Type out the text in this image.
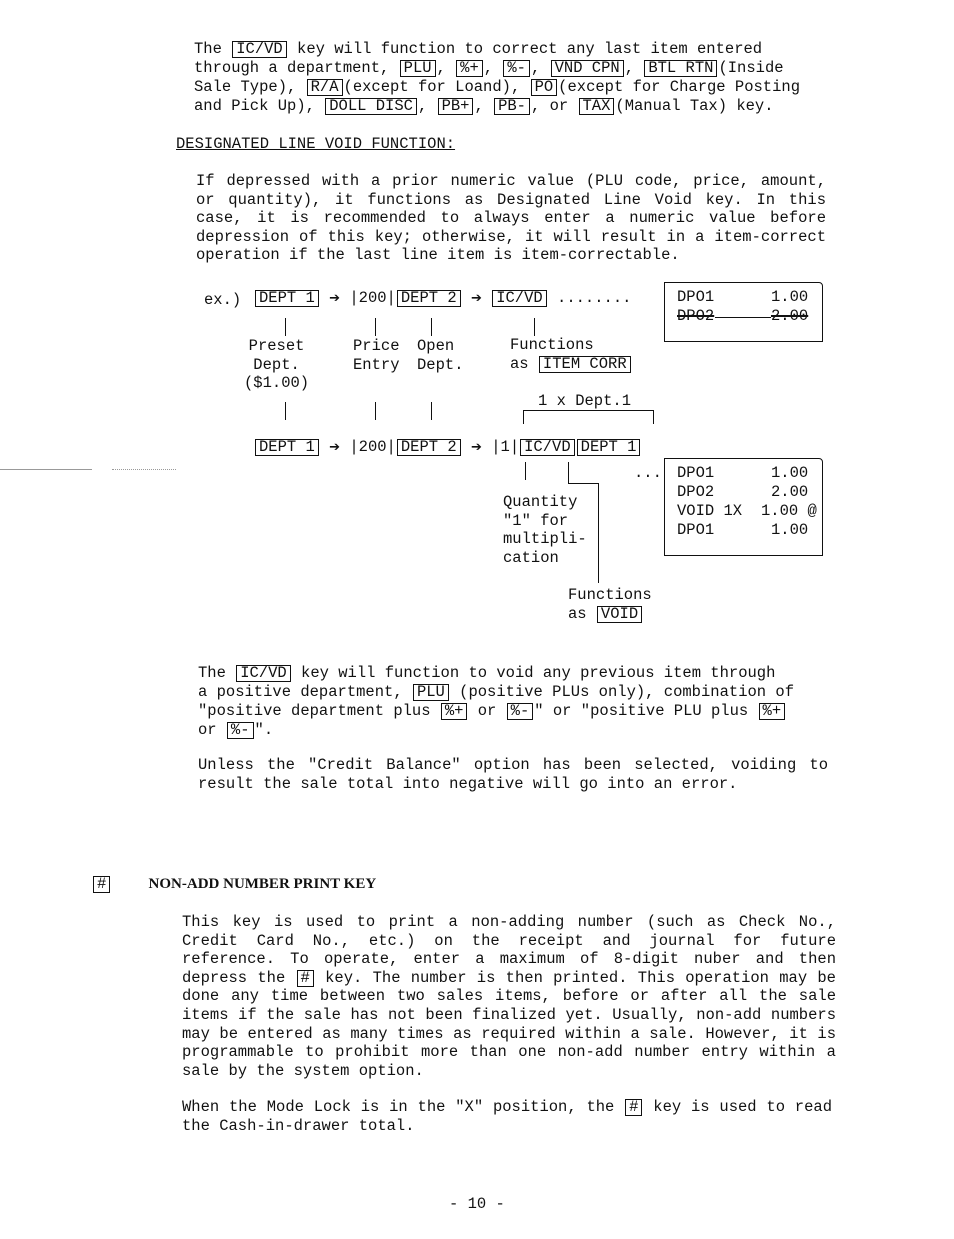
The IC/VD key will function to correct any last item entered
through a department, PLU , %+ , %- , VND CPN , BTL RTN (Inside
Sale Type), R/A (except for Loand), PO (except for Charge Posting
and Pick Up), DOLL DISC , PB+ , PB- , or TAX (Manual Tax) key.
DESIGNATED LINE VOID FUNCTION:
If depressed with a prior numeric value (PLU code, price, amount, or quantity), it functions as Designated Line Void key. In this case, it is recommended to always enter a numeric value before depression of this key; otherwise, it will result in a item-correct operation if the last line item is item-correctable.
ex.)	DEPT 1 ➔ |200| DEPT 2 ➔ IC/VD ........
Preset
Dept.
($1.00)
Price
Entry
Open
Dept.
Functions
as ITEM CORR
DPO1	1.00
DPO2	2.00
1 x Dept.1
DEPT 1 ➔ |200| DEPT 2 ➔ |1| IC/VD DEPT 1
...
Quantity
"1" for
multipli-
cation
Functions
as VOID
DPO1	1.00
DPO2	2.00
VOID 1X 1.00 @
DPO1	1.00
The IC/VD key will function to void any previous item through
a positive department, PLU (positive PLUs only), combination of
"positive department plus %+ or %- " or "positive PLU plus %+
or %- ".
Unless the "Credit Balance" option has been selected, voiding to result the sale total into negative will go into an error.
#	NON-ADD NUMBER PRINT KEY
This key is used to print a non-adding number (such as Check No., Credit Card No., etc.) on the receipt and journal for future reference. To operate, enter a maximum of 8-digit nuber and then depress the # key. The number is then printed. This operation may be done any time between two sales items, before or after all the sale items if the sale has not been finalized yet. Usually, non-add numbers may be entered as many times as required within a sale. However, it is programmable to prohibit more than one non-add number entry within a sale by the system option.
When the Mode Lock is in the "X" position, the # key is used to read the Cash-in-drawer total.
- 10 -
